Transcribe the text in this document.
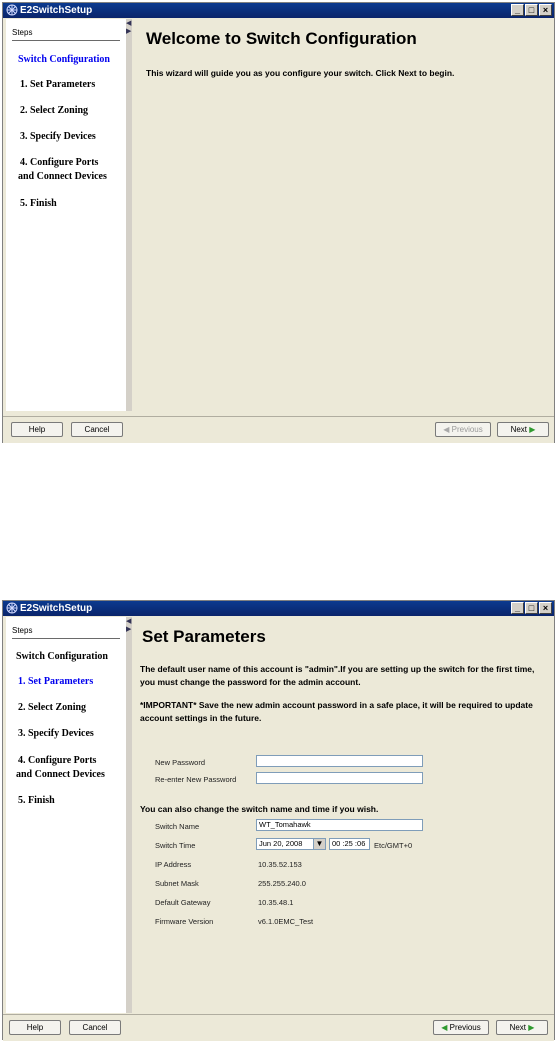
E2SwitchSetup	_ □ ×
Steps
Switch Configuration
1. Set Parameters
2. Select Zoning
3. Specify Devices
4. Configure Ports
and Connect Devices
5. Finish
◀
▶ Welcome to Switch Configuration
This wizard will guide you as you configure your switch. Click Next to begin.
Help	Cancel	◀ Previous	Next ▶
E2SwitchSetup	_ □ ×
Steps
Switch Configuration
1. Set Parameters
2. Select Zoning
3. Specify Devices
4. Configure Ports
and Connect Devices
5. Finish
◀
▶ Set Parameters
The default user name of this account is "admin".If you are setting up the switch for the first time, you must change the password for the admin account.
*IMPORTANT* Save the new admin account password in a safe place, it will be required to update account settings in the future.
New Password
Re-enter New Password
You can also change the switch name and time if you wish.
Switch Name	WT_Tomahawk
Switch Time	Jun 20, 2008	▼	00 :25 :06	Etc/GMT+0
IP Address	10.35.52.153
Subnet Mask	255.255.240.0
Default Gateway	10.35.48.1
Firmware Version	v6.1.0EMC_Test
Help	Cancel	◀ Previous	Next ▶
